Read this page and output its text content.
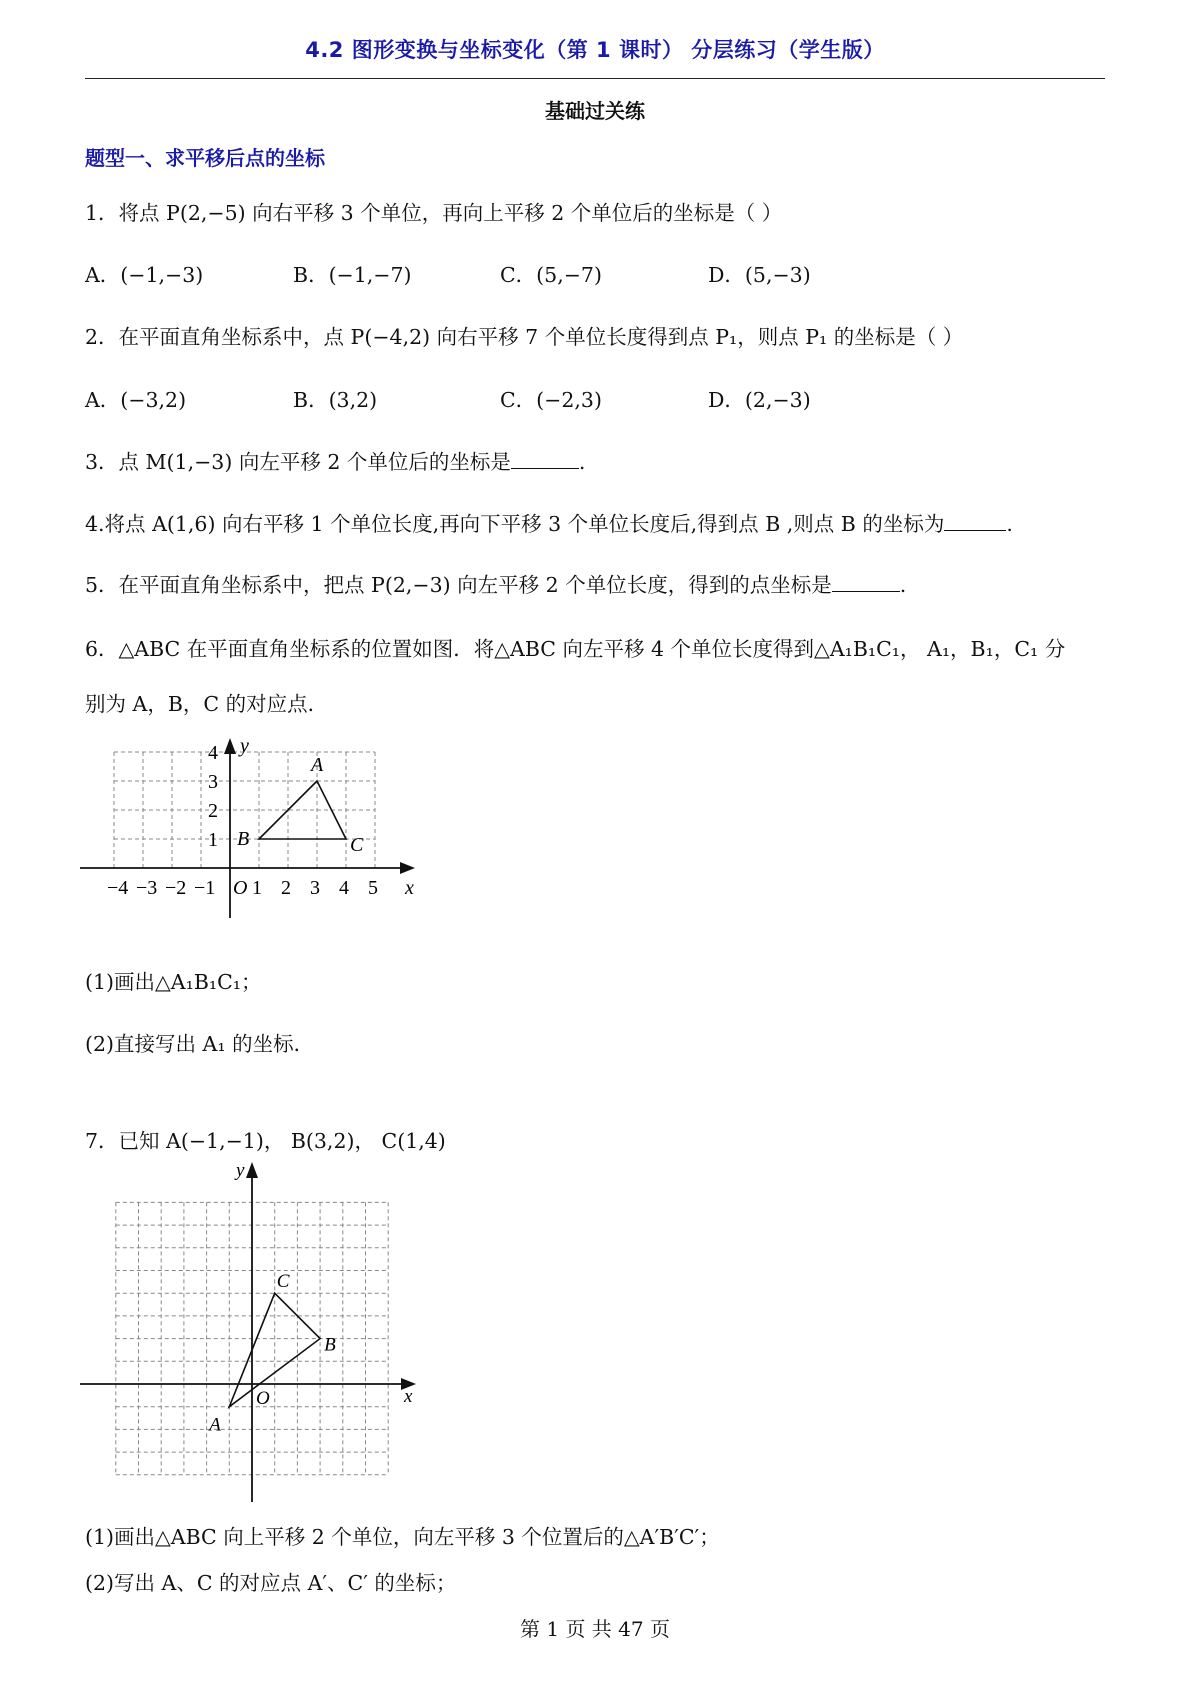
4.2 图形变换与坐标变化（第 1 课时） 分层练习（学生版）
基础过关练
题型一、求平移后点的坐标
1．将点 P(2,−5) 向右平移 3 个单位，再向上平移 2 个单位后的坐标是（ ）
A．(−1,−3)	B．(−1,−7)	C．(5,−7)	D．(5,−3)
2．在平面直角坐标系中，点 P(−4,2) 向右平移 7 个单位长度得到点 P₁，则点 P₁ 的坐标是（ ）
A．(−3,2)	B．(3,2)	C．(−2,3)	D．(2,−3)
3．点 M(1,−3) 向左平移 2 个单位后的坐标是	.
4.将点 A(1,6) 向右平移 1 个单位长度,再向下平移 3 个单位长度后,得到点 B ,则点 B 的坐标为	.
5．在平面直角坐标系中，把点 P(2,−3) 向左平移 2 个单位长度，得到的点坐标是	.
6．△ABC 在平面直角坐标系的位置如图．将△ABC 向左平移 4 个单位长度得到△A₁B₁C₁， A₁，B₁，C₁ 分
别为 A，B，C 的对应点．
−4 −3 −2 −1 O 1 2 3 4 5
1
2
3
4
x
y
A
B	C
(1)画出△A₁B₁C₁；
(2)直接写出 A₁ 的坐标．
7．已知 A(−1,−1)， B(3,2)， C(1,4)
x
y
O
A
B
C
(1)画出△ABC 向上平移 2 个单位，向左平移 3 个位置后的△A′B′C′；
(2)写出 A、C 的对应点 A′、C′ 的坐标；
第 1 页 共 47 页
